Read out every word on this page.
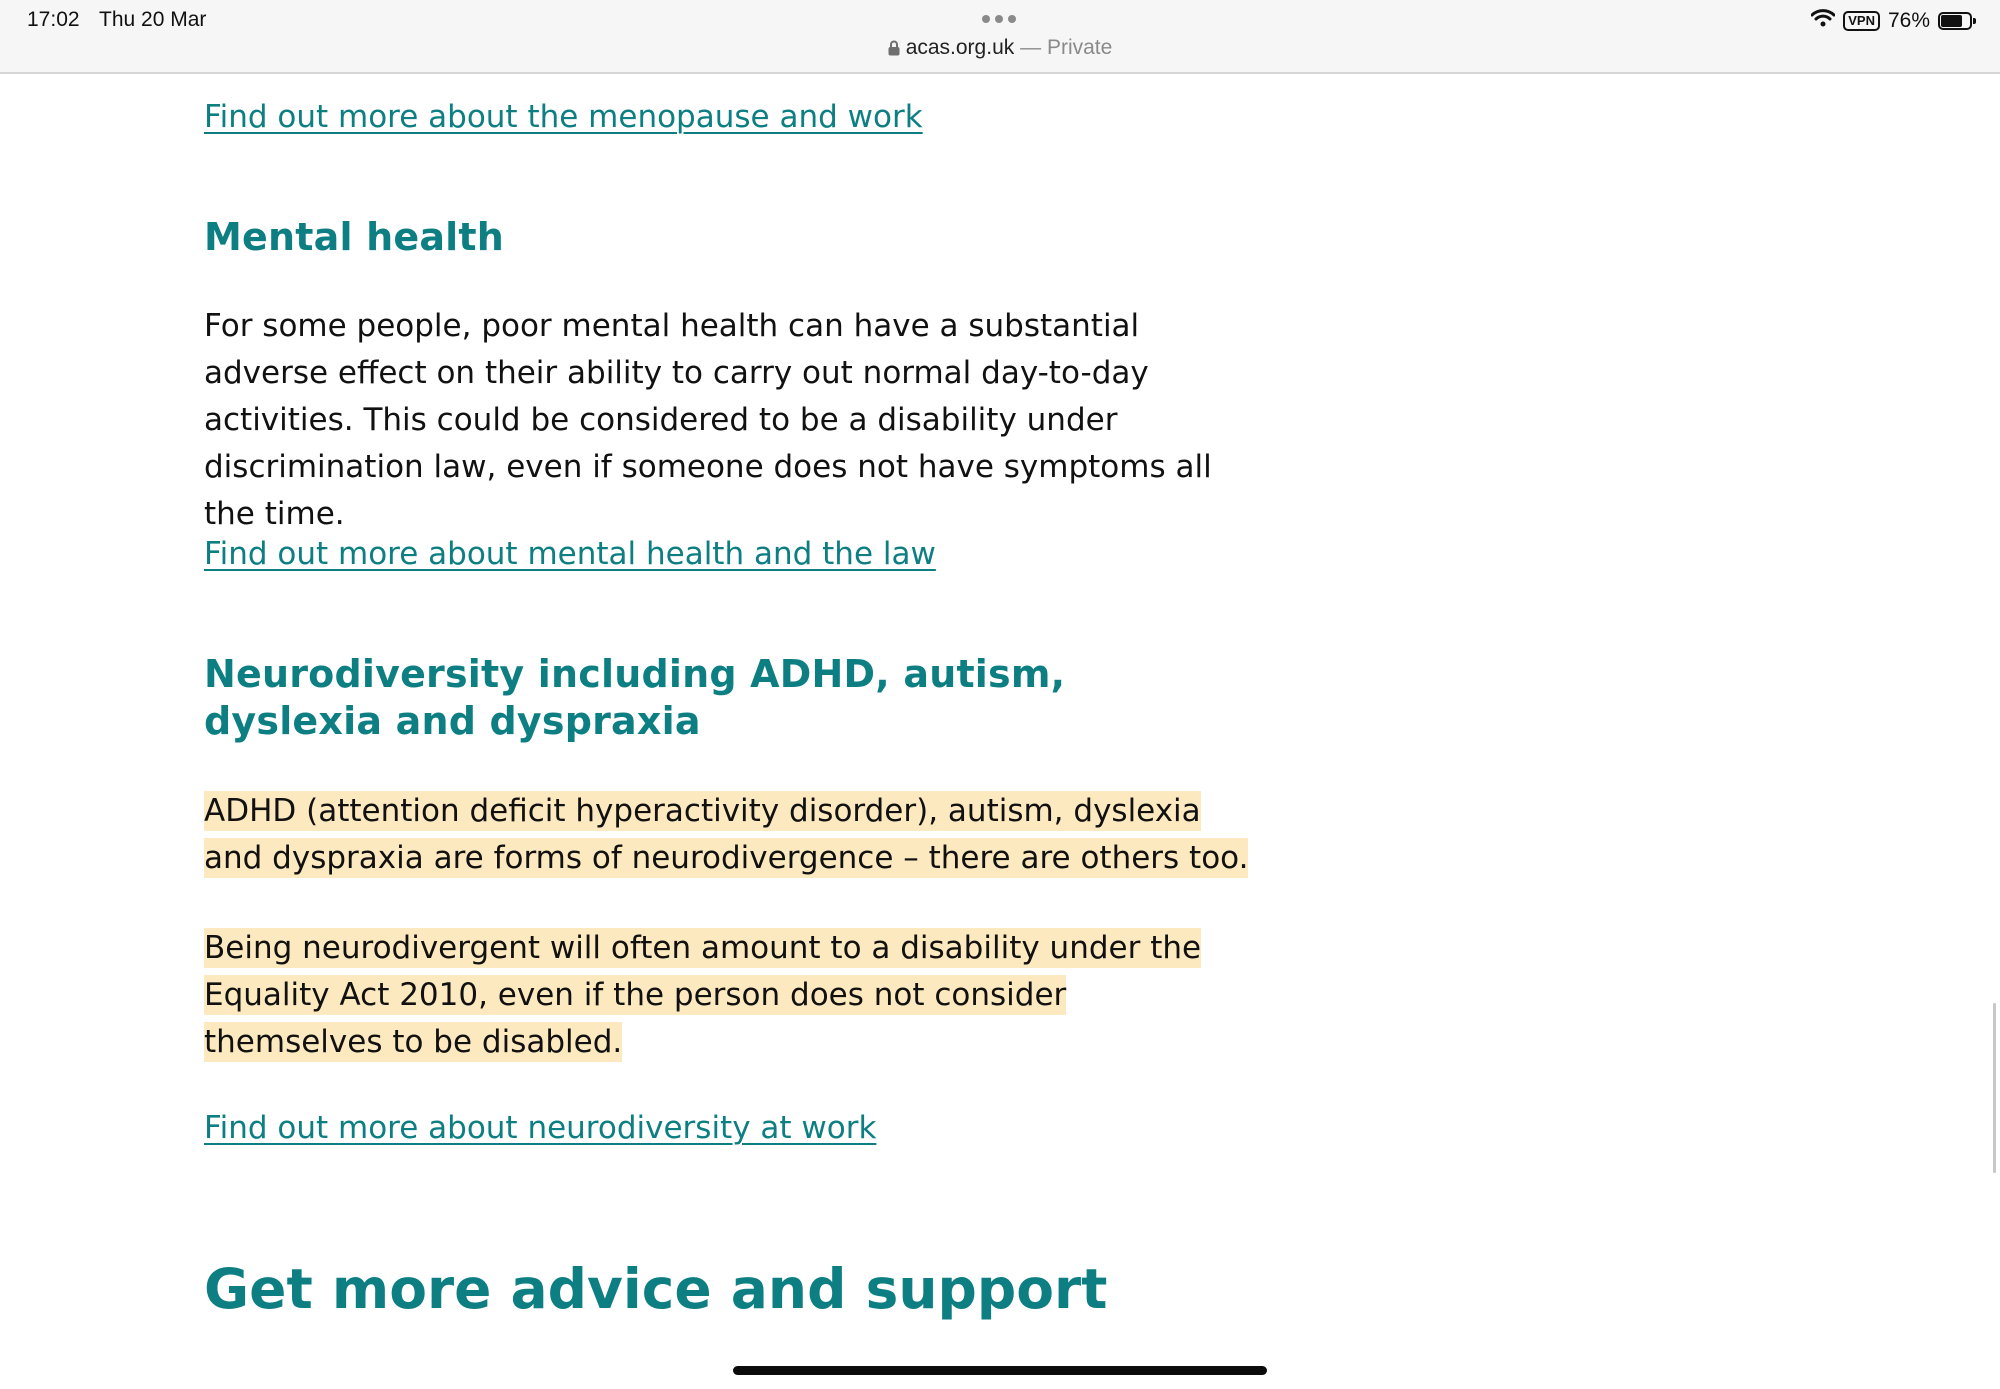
17:02 Thu 20 Mar
acas.org.uk — Private
VPN 76%
Find out more about the menopause and work
Mental health

For some people, poor mental health can have a substantial adverse effect on their ability to carry out normal day-to-day activities. This could be considered to be a disability under discrimination law, even if someone does not have symptoms all the time.

Find out more about mental health and the law
Neurodiversity including ADHD, autism, dyslexia and dyspraxia

ADHD (attention deficit hyperactivity disorder), autism, dyslexia and dyspraxia are forms of neurodivergence – there are others too.

Being neurodivergent will often amount to a disability under the Equality Act 2010, even if the person does not consider themselves to be disabled.

Find out more about neurodiversity at work
Get more advice and support
